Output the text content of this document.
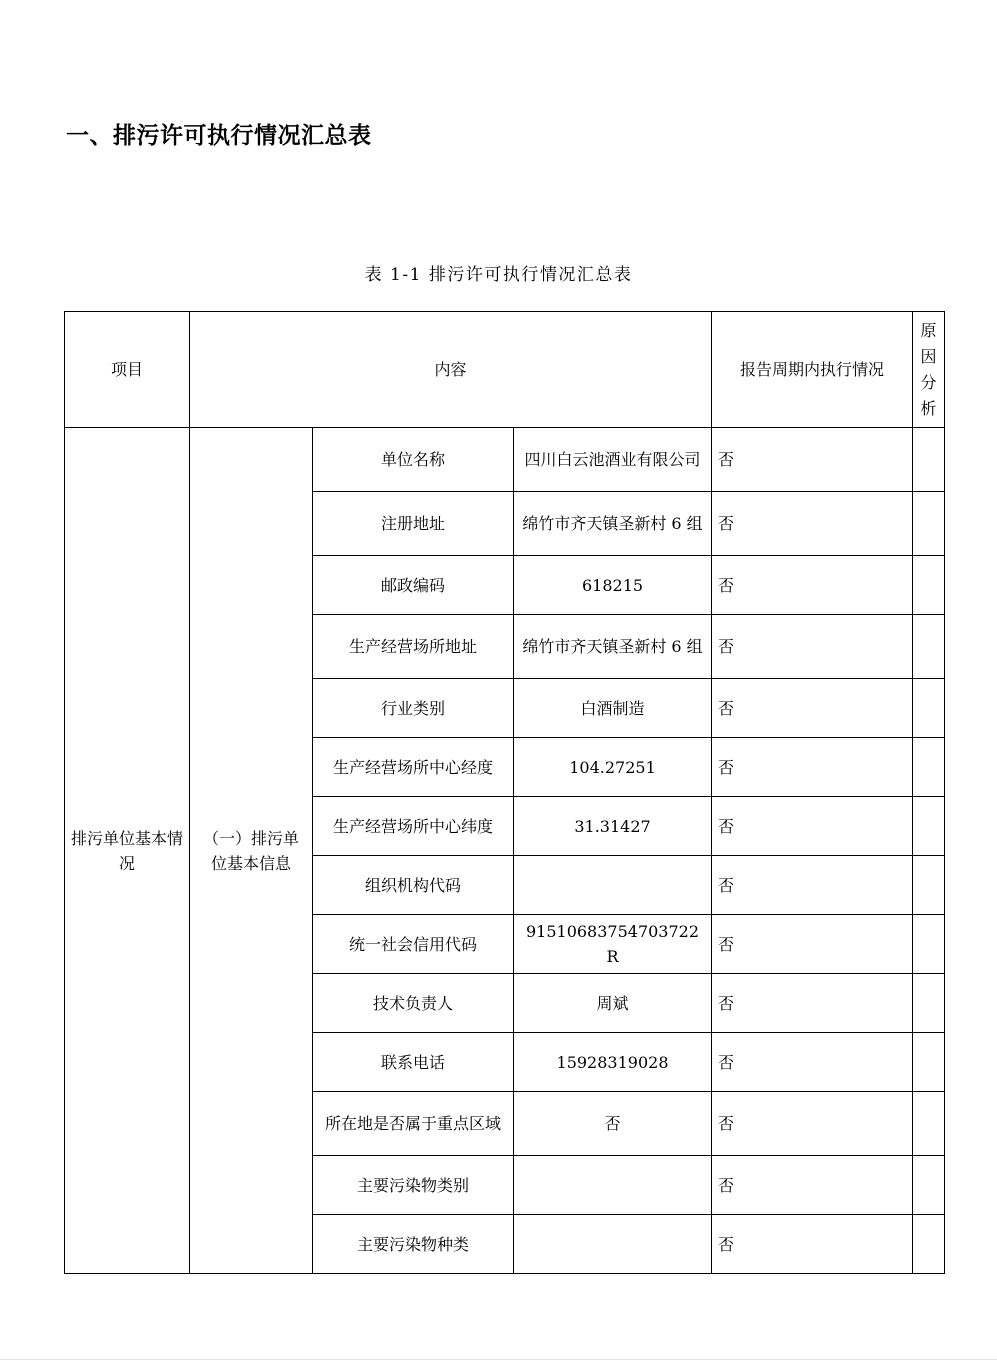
一、排污许可执行情况汇总表

表 1-1 排污许可执行情况汇总表

项目	内容			报告周期内执行情况	原因分析
排污单位基本情况	（一）排污单位基本信息	单位名称	四川白云池酒业有限公司	否	
		注册地址	绵竹市齐天镇圣新村 6 组	否	
		邮政编码	618215	否	
		生产经营场所地址	绵竹市齐天镇圣新村 6 组	否	
		行业类别	白酒制造	否	
		生产经营场所中心经度	104.27251	否	
		生产经营场所中心纬度	31.31427	否	
		组织机构代码		否	
		统一社会信用代码	91510683754703722R	否	
		技术负责人	周斌	否	
		联系电话	15928319028	否	
		所在地是否属于重点区域	否	否	
		主要污染物类别		否	
		主要污染物种类		否	
